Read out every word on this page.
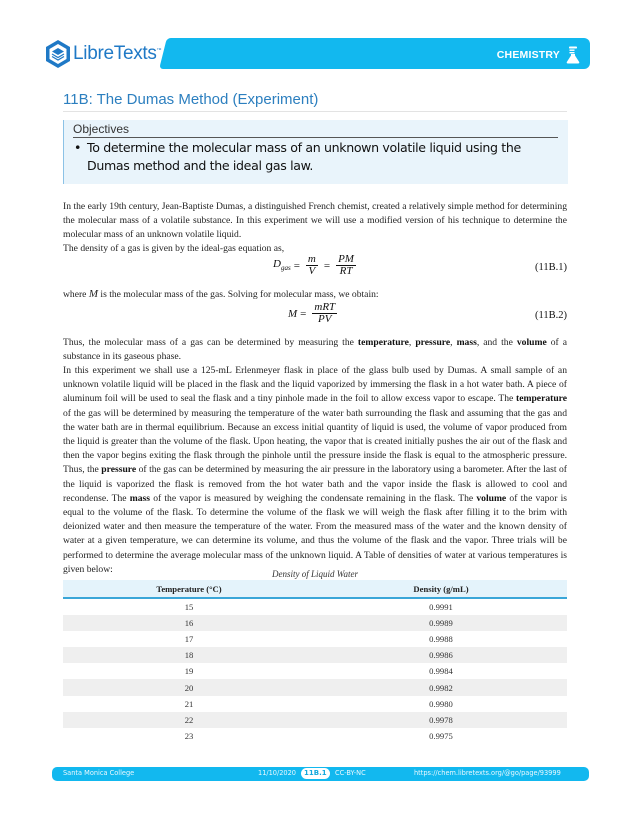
LibreTexts™	CHEMISTRY
11B: The Dumas Method (Experiment)
Objectives
• To determine the molecular mass of an unknown volatile liquid using the Dumas method and the ideal gas law.

In the early 19th century, Jean-Baptiste Dumas, a distinguished French chemist, created a relatively simple method for determining the molecular mass of a volatile substance. In this experiment we will use a modified version of his technique to determine the molecular mass of an unknown volatile liquid.

The density of a gas is given by the ideal-gas equation as,

$D_{gas} = \frac{m}{V} = \frac{PM}{RT}$	(11B.1)

where M is the molecular mass of the gas. Solving for molecular mass, we obtain:

$M = \frac{\text{mRT}}{PV}$	(11B.2)

Thus, the molecular mass of a gas can be determined by measuring the temperature, pressure, mass, and the volume of a substance in its gaseous phase.

In this experiment we shall use a 125-mL Erlenmeyer flask in place of the glass bulb used by Dumas. A small sample of an unknown volatile liquid will be placed in the flask and the liquid vaporized by immersing the flask in a hot water bath. A piece of aluminum foil will be used to seal the flask and a tiny pinhole made in the foil to allow excess vapor to escape. The temperature of the gas will be determined by measuring the temperature of the water bath surrounding the flask and assuming that the gas and the water bath are in thermal equilibrium. Because an excess initial quantity of liquid is used, the volume of vapor produced from the liquid is greater than the volume of the flask. Upon heating, the vapor that is created initially pushes the air out of the flask and then the vapor begins exiting the flask through the pinhole until the pressure inside the flask is equal to the atmospheric pressure. Thus, the pressure of the gas can be determined by measuring the air pressure in the laboratory using a barometer. After the last of the liquid is vaporized the flask is removed from the hot water bath and the vapor inside the flask is allowed to cool and recondense. The mass of the vapor is measured by weighing the condensate remaining in the flask. The volume of the vapor is equal to the volume of the flask. To determine the volume of the flask we will weigh the flask after filling it to the brim with deionized water and then measure the temperature of the water. From the measured mass of the water and the known density of water at a given temperature, we can determine its volume, and thus the volume of the flask and the vapor. Three trials will be performed to determine the average molecular mass of the unknown liquid. A Table of densities of water at various temperatures is given below:	Density of Liquid Water
Temperature (°C)	Density (g/mL)
15	0.9991
16	0.9989
17	0.9988
18	0.9986
19	0.9984
20	0.9982
21	0.9980
22	0.9978
23	0.9975
Santa Monica College	11/10/2020	11B.1	CC-BY-NC	https://chem.libretexts.org/@go/page/93999
